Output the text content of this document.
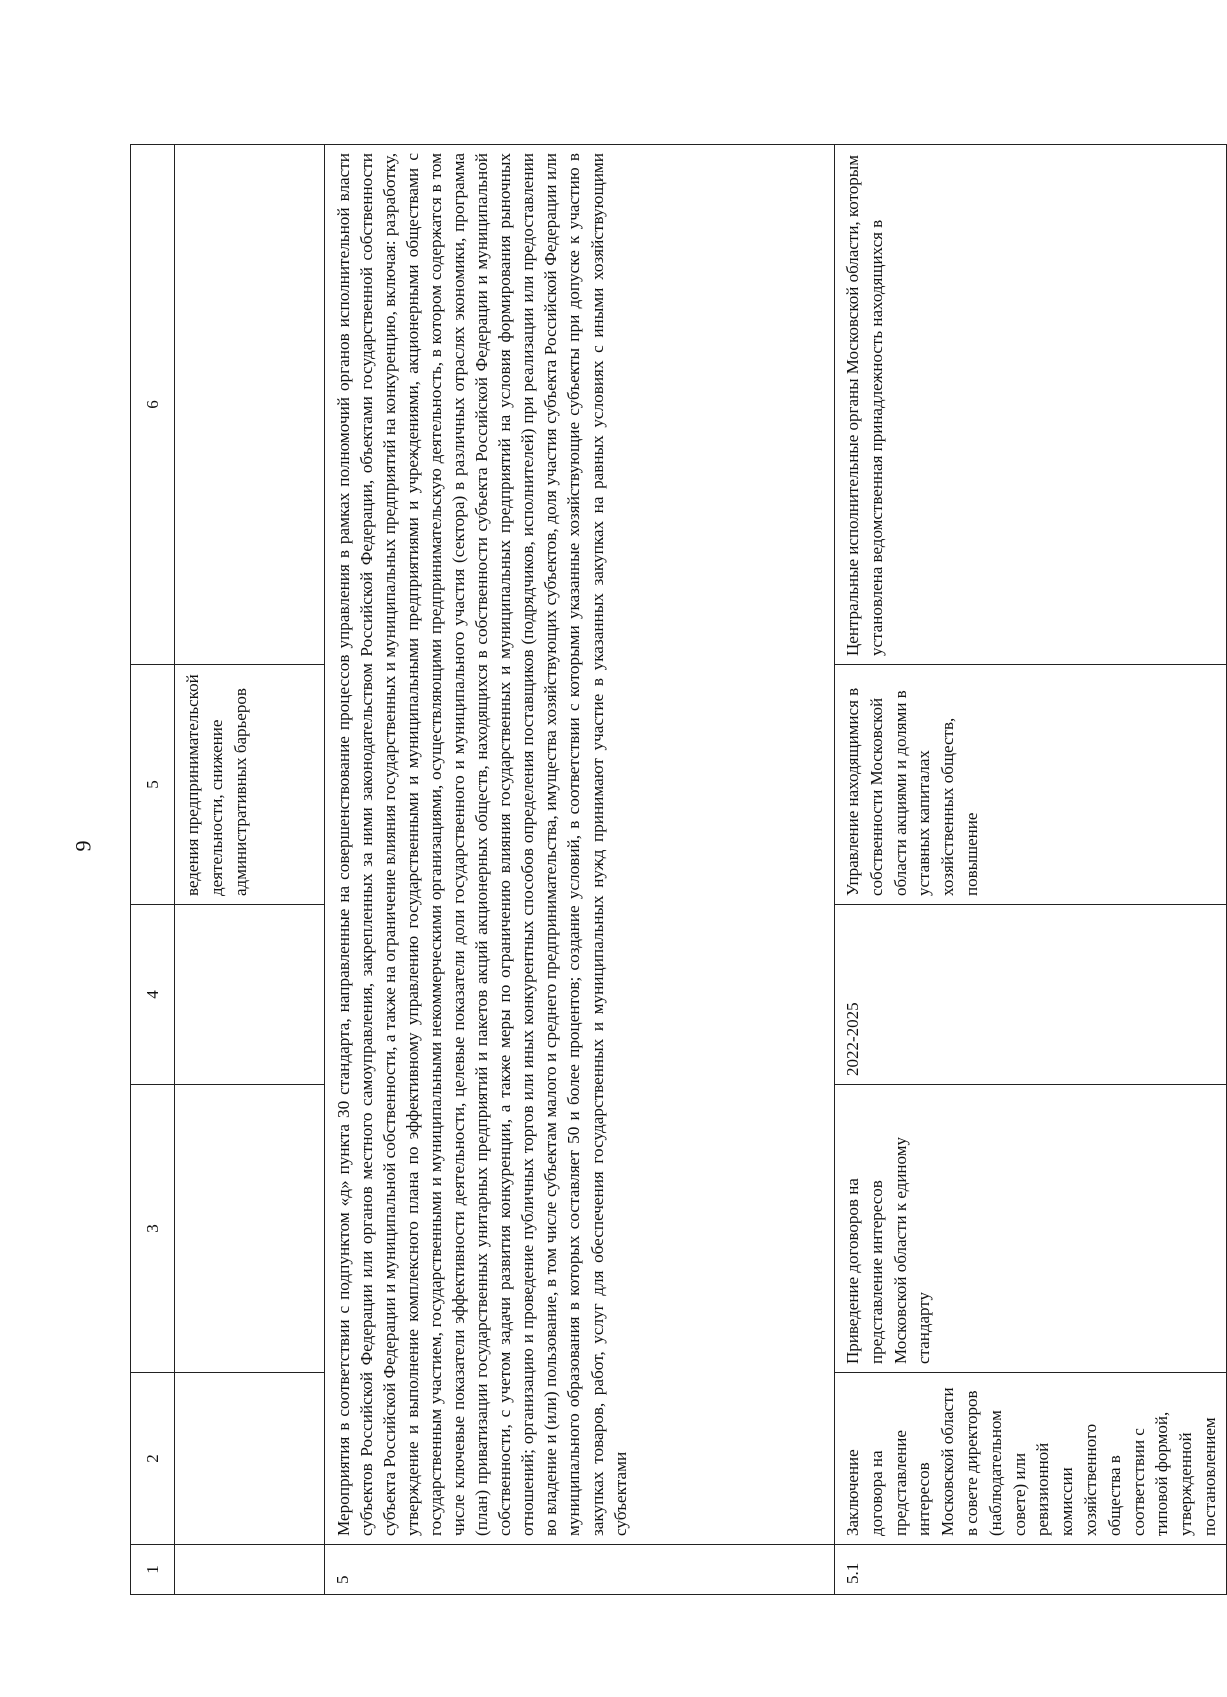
9
1	2	3	4	5	6

				ведения предпринимательской деятельности, снижение административных барьеров	

5	Мероприятия в соответствии с подпунктом «д» пункта 30 стандарта, направленные на совершенствование процессов управления в рамках полномочий органов исполнительной власти субъектов Российской Федерации или органов местного самоуправления, закрепленных за ними законодательством Российской Федерации, объектами государственной собственности субъекта Российской Федерации и муниципальной собственности, а также на ограничение влияния государственных и муниципальных предприятий на конкуренцию, включая: разработку, утверждение и выполнение комплексного плана по эффективному управлению государственными и муниципальными предприятиями и учреждениями, акционерными обществами с государственным участием, государственными и муниципальными некоммерческими организациями, осуществляющими предпринимательскую деятельность, в котором содержатся в том числе ключевые показатели эффективности деятельности, целевые показатели доли государственного и муниципального участия (сектора) в различных отраслях экономики, программа (план) приватизации государственных унитарных предприятий и пакетов акций акционерных обществ, находящихся в собственности субъекта Российской Федерации и муниципальной собственности, с учетом задачи развития конкуренции, а также меры по ограничению влияния государственных и муниципальных предприятий на условия формирования рыночных отношений; организацию и проведение публичных торгов или иных конкурентных способов определения поставщиков (подрядчиков, исполнителей) при реализации или предоставлении во владение и (или) пользование, в том числе субъектам малого и среднего предпринимательства, имущества хозяйствующих субъектов, доля участия субъекта Российской Федерации или муниципального образования в которых составляет 50 и более процентов; создание условий, в соответствии с которыми указанные хозяйствующие субъекты при допуске к участию в закупках товаров, работ, услуг для обеспечения государственных и муниципальных нужд принимают участие в указанных закупках на равных условиях с иными хозяйствующими субъектами				

5.1	Заключение договора на представление интересов Московской области в совете директоров (наблюдательном совете) или ревизионной комиссии хозяйственного общества в соответствии с типовой формой, утвержденной постановлением	Приведение договоров на представление интересов Московской области к единому стандарту	2022-2025	Управление находящимися в собственности Московской области акциями и долями в уставных капиталах хозяйственных обществ, повышение	Центральные исполнительные органы Московской области, которым установлена ведомственная принадлежность находящихся в
